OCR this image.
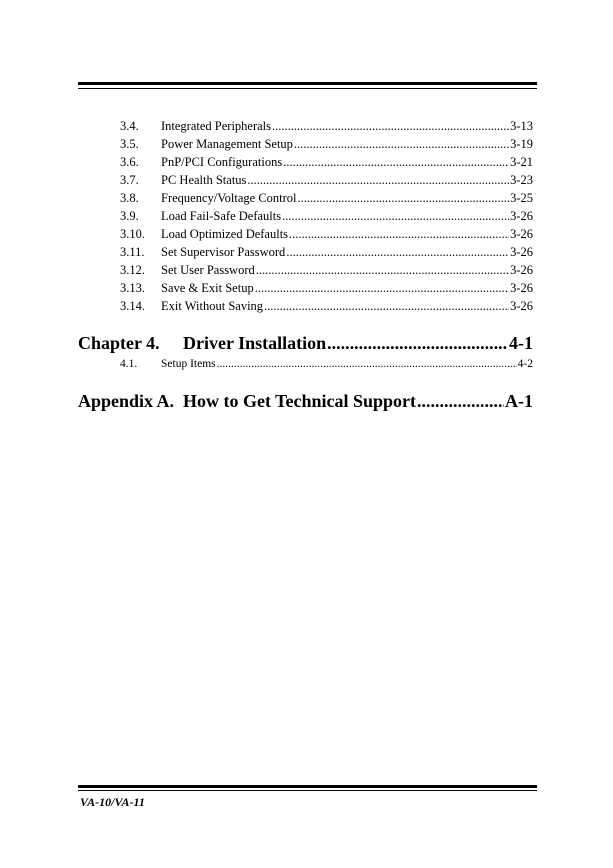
3.4.	Integrated Peripherals .....	3-13
3.5.	Power Management Setup .....	3-19
3.6.	PnP/PCI Configurations .....	3-21
3.7.	PC Health Status .....	3-23
3.8.	Frequency/Voltage Control .....	3-25
3.9.	Load Fail-Safe Defaults .....	3-26
3.10.	Load Optimized Defaults .....	3-26
3.11.	Set Supervisor Password .....	3-26
3.12.	Set User Password .....	3-26
3.13.	Save & Exit Setup .....	3-26
3.14.	Exit Without Saving .....	3-26
Chapter 4.	Driver Installation .....	4-1
4.1.	Setup Items .....	4-2
Appendix A. How to Get Technical Support .....	A-1
VA-10/VA-11
